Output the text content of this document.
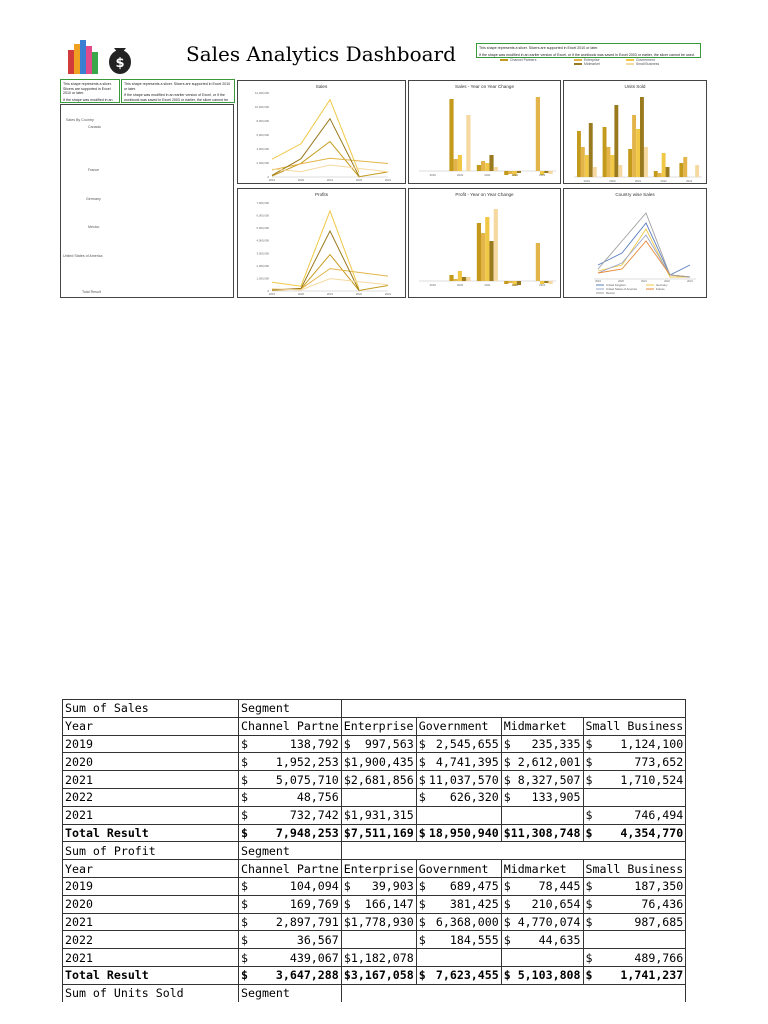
$	Sales Analytics Dashboard	This shape represents a slicer. Slicers are supported in Excel 2010 or later.
If the shape was modified in an earlier version of Excel, or if the workbook was saved in Excel 2003 or earlier, the slicer cannot be used.
Channel Partners	Enterprise	Government
Midmarket	Small Business
This shape represents a slicer. Slicers are supported in Excel 2010 or later.
If the shape was modified in an
This shape represents a slicer. Slicers are supported in Excel 2010 or later.
If the shape was modified in an earlier version of Excel, or if the workbook was saved in Excel 2003 or earlier, the slicer cannot be
Sales By Country
Canada
France
Germany
Mexico
United States of America
Total Result
Sales
12,000,000
10,000,000
8,000,000
6,000,000
4,000,000
2,000,000
0
2019	2020	2021	2022	2021
Sales - Year on Year Change
2019	2020	2021	2022	2021
Units Sold
2019	2020	2021	2022	2021
Profits
7,000,000
6,000,000
5,000,000
4,000,000
3,000,000
2,000,000
1,000,000
0
2019	2020	2021	2022	2021
Profit - Year on Year Change
2019	2020	2021	2022	2021
Country wise Sales
United Kingdom	Germany
United States of America	France
Mexico
2019	2020	2021	2022	2021
Sum of Sales	Segment				
Year	Channel Partne	Enterprise	Government	Midmarket	Small Business
2019	$ 138,792	$ 997,563	$ 2,545,655	$ 235,335	$ 1,124,100
2020	$ 1,952,253	$1,900,435	$ 4,741,395	$ 2,612,001	$ 773,652
2021	$ 5,075,710	$2,681,856	$ 11,037,570	$ 8,327,507	$ 1,710,524
2022	$ 48,756		$ 626,320	$ 133,905	
2021	$ 732,742	$1,931,315			$ 746,494
Total Result	$ 7,948,253	$7,511,169	$ 18,950,940	$11,308,748	$ 4,354,770
Sum of Profit	Segment				
Year	Channel Partne	Enterprise	Government	Midmarket	Small Business
2019	$ 104,094	$ 39,903	$ 689,475	$ 78,445	$ 187,350
2020	$ 169,769	$ 166,147	$ 381,425	$ 210,654	$ 76,436
2021	$ 2,897,791	$1,778,930	$ 6,368,000	$ 4,770,074	$ 987,685
2022	$ 36,567		$ 184,555	$ 44,635	
2021	$ 439,067	$1,182,078			$ 489,766
Total Result	$ 3,647,288	$3,167,058	$ 7,623,455	$ 5,103,808	$ 1,741,237
Sum of Units Sold	Segment				
